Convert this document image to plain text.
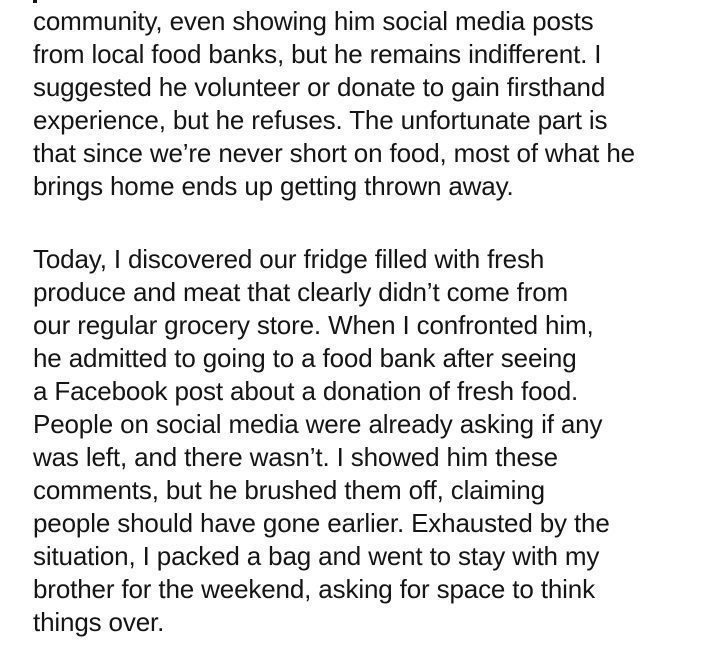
community, even showing him social media posts
from local food banks, but he remains indifferent. I
suggested he volunteer or donate to gain firsthand
experience, but he refuses. The unfortunate part is
that since we’re never short on food, most of what he
brings home ends up getting thrown away.

Today, I discovered our fridge filled with fresh
produce and meat that clearly didn’t come from
our regular grocery store. When I confronted him,
he admitted to going to a food bank after seeing
a Facebook post about a donation of fresh food.
People on social media were already asking if any
was left, and there wasn’t. I showed him these
comments, but he brushed them off, claiming
people should have gone earlier. Exhausted by the
situation, I packed a bag and went to stay with my
brother for the weekend, asking for space to think
things over.
